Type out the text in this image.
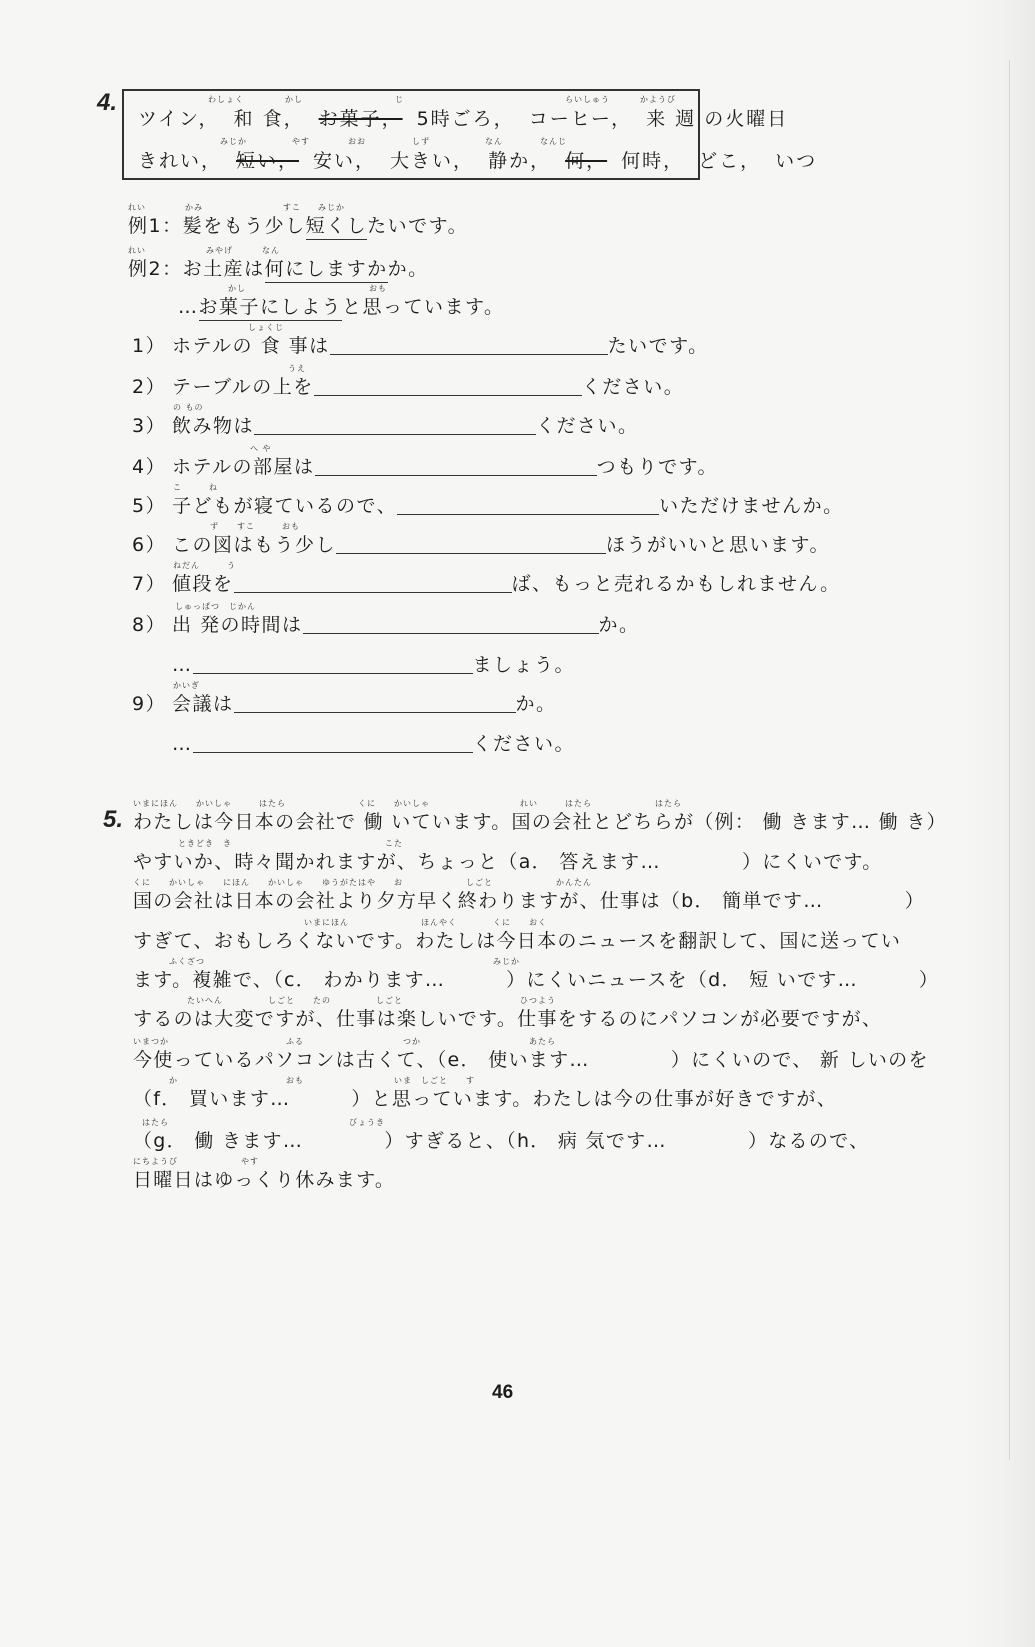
4.	わしょく	かし	じ	らいしゅう	かようび
ツイン， 和 食， お菓子， 5時ごろ， コーヒー， 来 週 の火曜日
みじか	やす	おお	しず	なん	なんじ
きれい， 短い， 安い， 大きい， 静か， 何， 何時， どこ， いつ
れい	かみ	すこ みじか
例1：髪をもう少し短くしたいです。
れい	みやげ	なん
例2：お土産は何にしますかか。
かし	おも
…お菓子にしようと思っています。
しょくじ
1） ホテルの 食 事は	たいです。
うえ
2） テーブルの上を	ください。
の もの
3） 飲み物は	ください。
へ や
4） ホテルの部屋は	つもりです。
こ　　　ね
5） 子どもが寝ているので、	いただけませんか。
ず　　すこ　　　おも
6） この図はもう少し	ほうがいいと思います。
ねだん　　　う
7） 値段を	ば、もっと売れるかもしれません。
しゅっぱつ　じかん
8） 出 発の時間は	か。
…	ましょう。
かいぎ
9） 会議は	か。
…	ください。
5.
いまにほん　　かいしゃ　　　はたら　　　　　　　　くに　　かいしゃ　　　　　　　　　　れい　　　はたら　　　　　　　はたら
わたしは今日本の会社で 働 いています。国の会社とどちらが（例： 働 きます… 働 き）
　　　　　ときどき　き　　　　　　　　　　　　　　　　　こた
やすいか、時々聞かれますが、ちょっと（a． 答えます…　　　　）にくいです。
くに　　かいしゃ　　にほん　　かいしゃ　　ゆうがたはや　　お　　　　　　　しごと　　　　　　　かんたん
国の会社は日本の会社より夕方早く終わりますが、仕事は（b． 簡単です…　　　　）
　　　　　　　　　　　　　　　　　　　いまにほん　　　　　　　　ほんやく　　　　くに　　おく
すぎて、おもしろくないです。わたしは今日本のニュースを翻訳して、国に送ってい
　　　　ふくざつ　　　　　　　　　　　　　　　　　　　　　　　　　　　　　　　　みじか
ます。複雑で、（c． わかります…　　　）にくいニュースを（d． 短 いです…　　　）
　　　　　　たいへん　　　　　しごと　　たの　　　　　しごと　　　　　　　　　　　　　ひつよう
するのは大変ですが、仕事は楽しいです。仕事をするのにパソコンが必要ですが、
いまつか　　　　　　　　　　　　　ふる　　　　　　　　　　　つか　　　　　　　　　　　　あたら
今使っているパソコンは古くて、（e． 使います…　　　　）にくいので、 新 しいのを
　　　　か　　　　　　　　　　　　おも　　　　　　　　　　いま　しごと　　す
（f． 買います…　　　）と思っています。わたしは今の仕事が好きですが、
　はたら　　　　　　　　　　　　　　　　　　　　びょうき
（g． 働 きます…　　　　）すぎると、（h． 病 気です…　　　　）なるので、
にちようび　　　　　　　やす
日曜日はゆっくり休みます。
46
